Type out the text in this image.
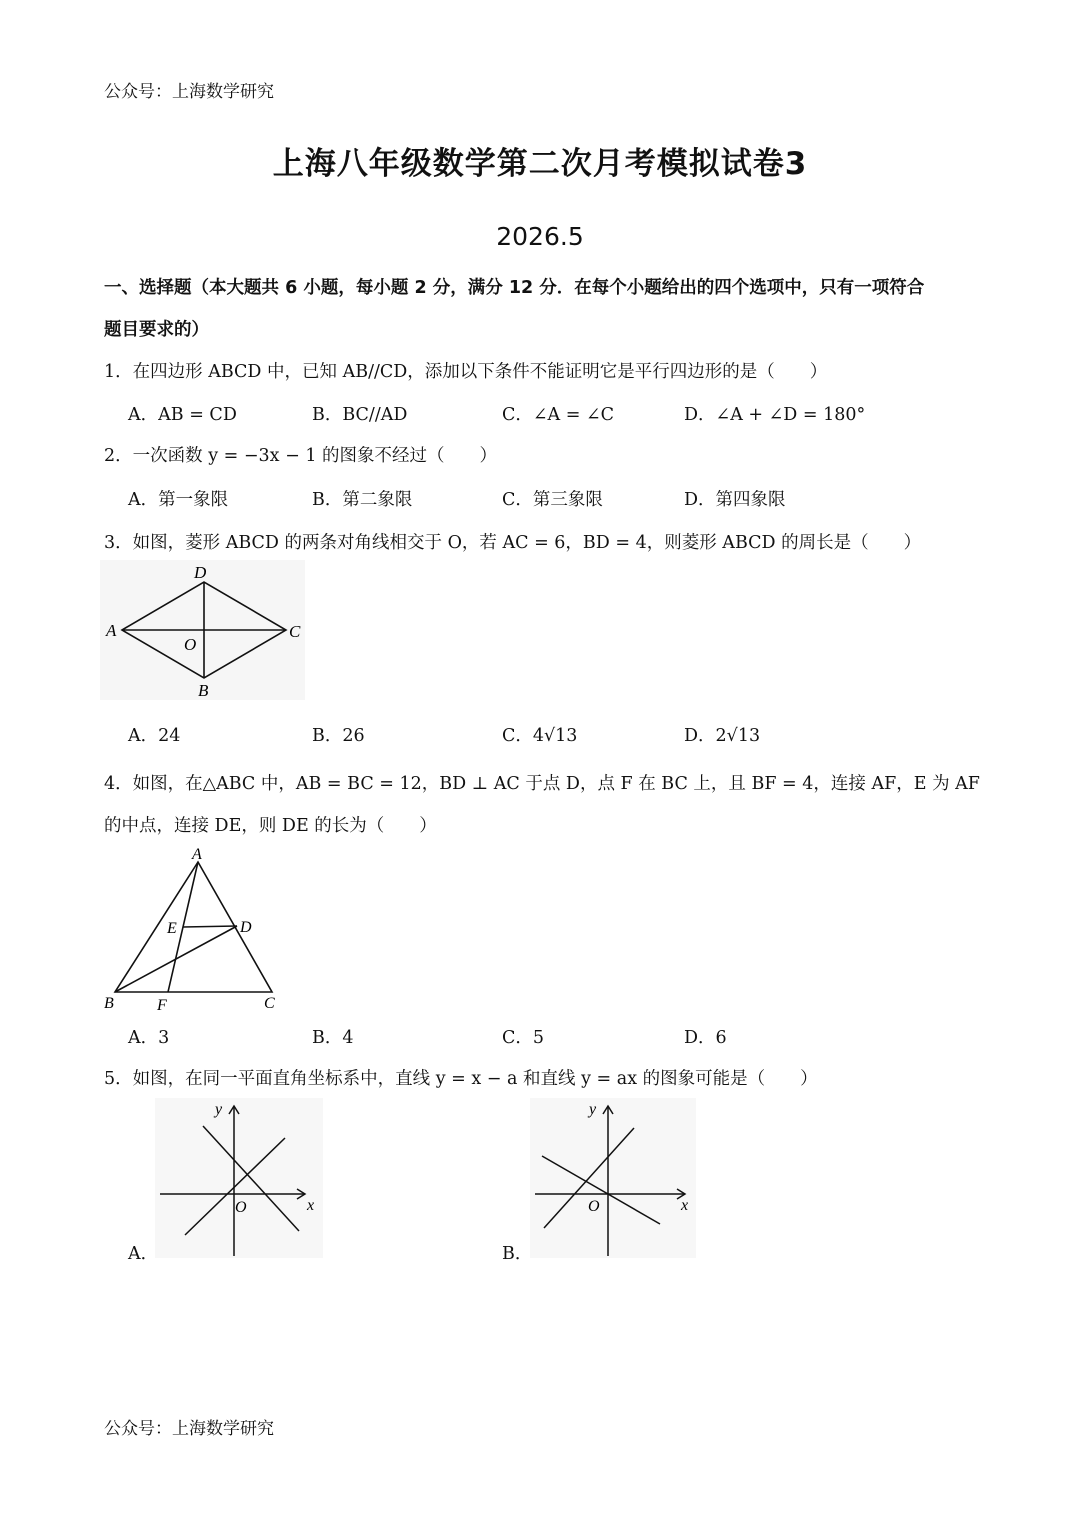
公众号：上海数学研究
上海八年级数学第二次月考模拟试卷3
2026.5
一、选择题（本大题共 6 小题，每小题 2 分，满分 12 分．在每个小题给出的四个选项中，只有一项符合
题目要求的）
1．在四边形 ABCD 中，已知 AB//CD，添加以下条件不能证明它是平行四边形的是（　　）
A．AB = CD	B．BC//AD	C．∠A = ∠C	D．∠A + ∠D = 180°
2．一次函数 y = −3x − 1 的图象不经过（　　）
A．第一象限	B．第二象限	C．第三象限	D．第四象限
3．如图，菱形 ABCD 的两条对角线相交于 O，若 AC = 6，BD = 4，则菱形 ABCD 的周长是（　　）
A
B
C
D
O
A．24	B．26	C．4√13	D．2√13
4．如图，在△ABC 中，AB = BC = 12，BD ⊥ AC 于点 D，点 F 在 BC 上，且 BF = 4，连接 AF，E 为 AF
的中点，连接 DE，则 DE 的长为（　　）
A
B	C
D
E
F
A．3	B．4	C．5	D．6
5．如图，在同一平面直角坐标系中，直线 y = x − a 和直线 y = ax 的图象可能是（　　）
x
y
O
A．
x
y
O
B．
公众号：上海数学研究
